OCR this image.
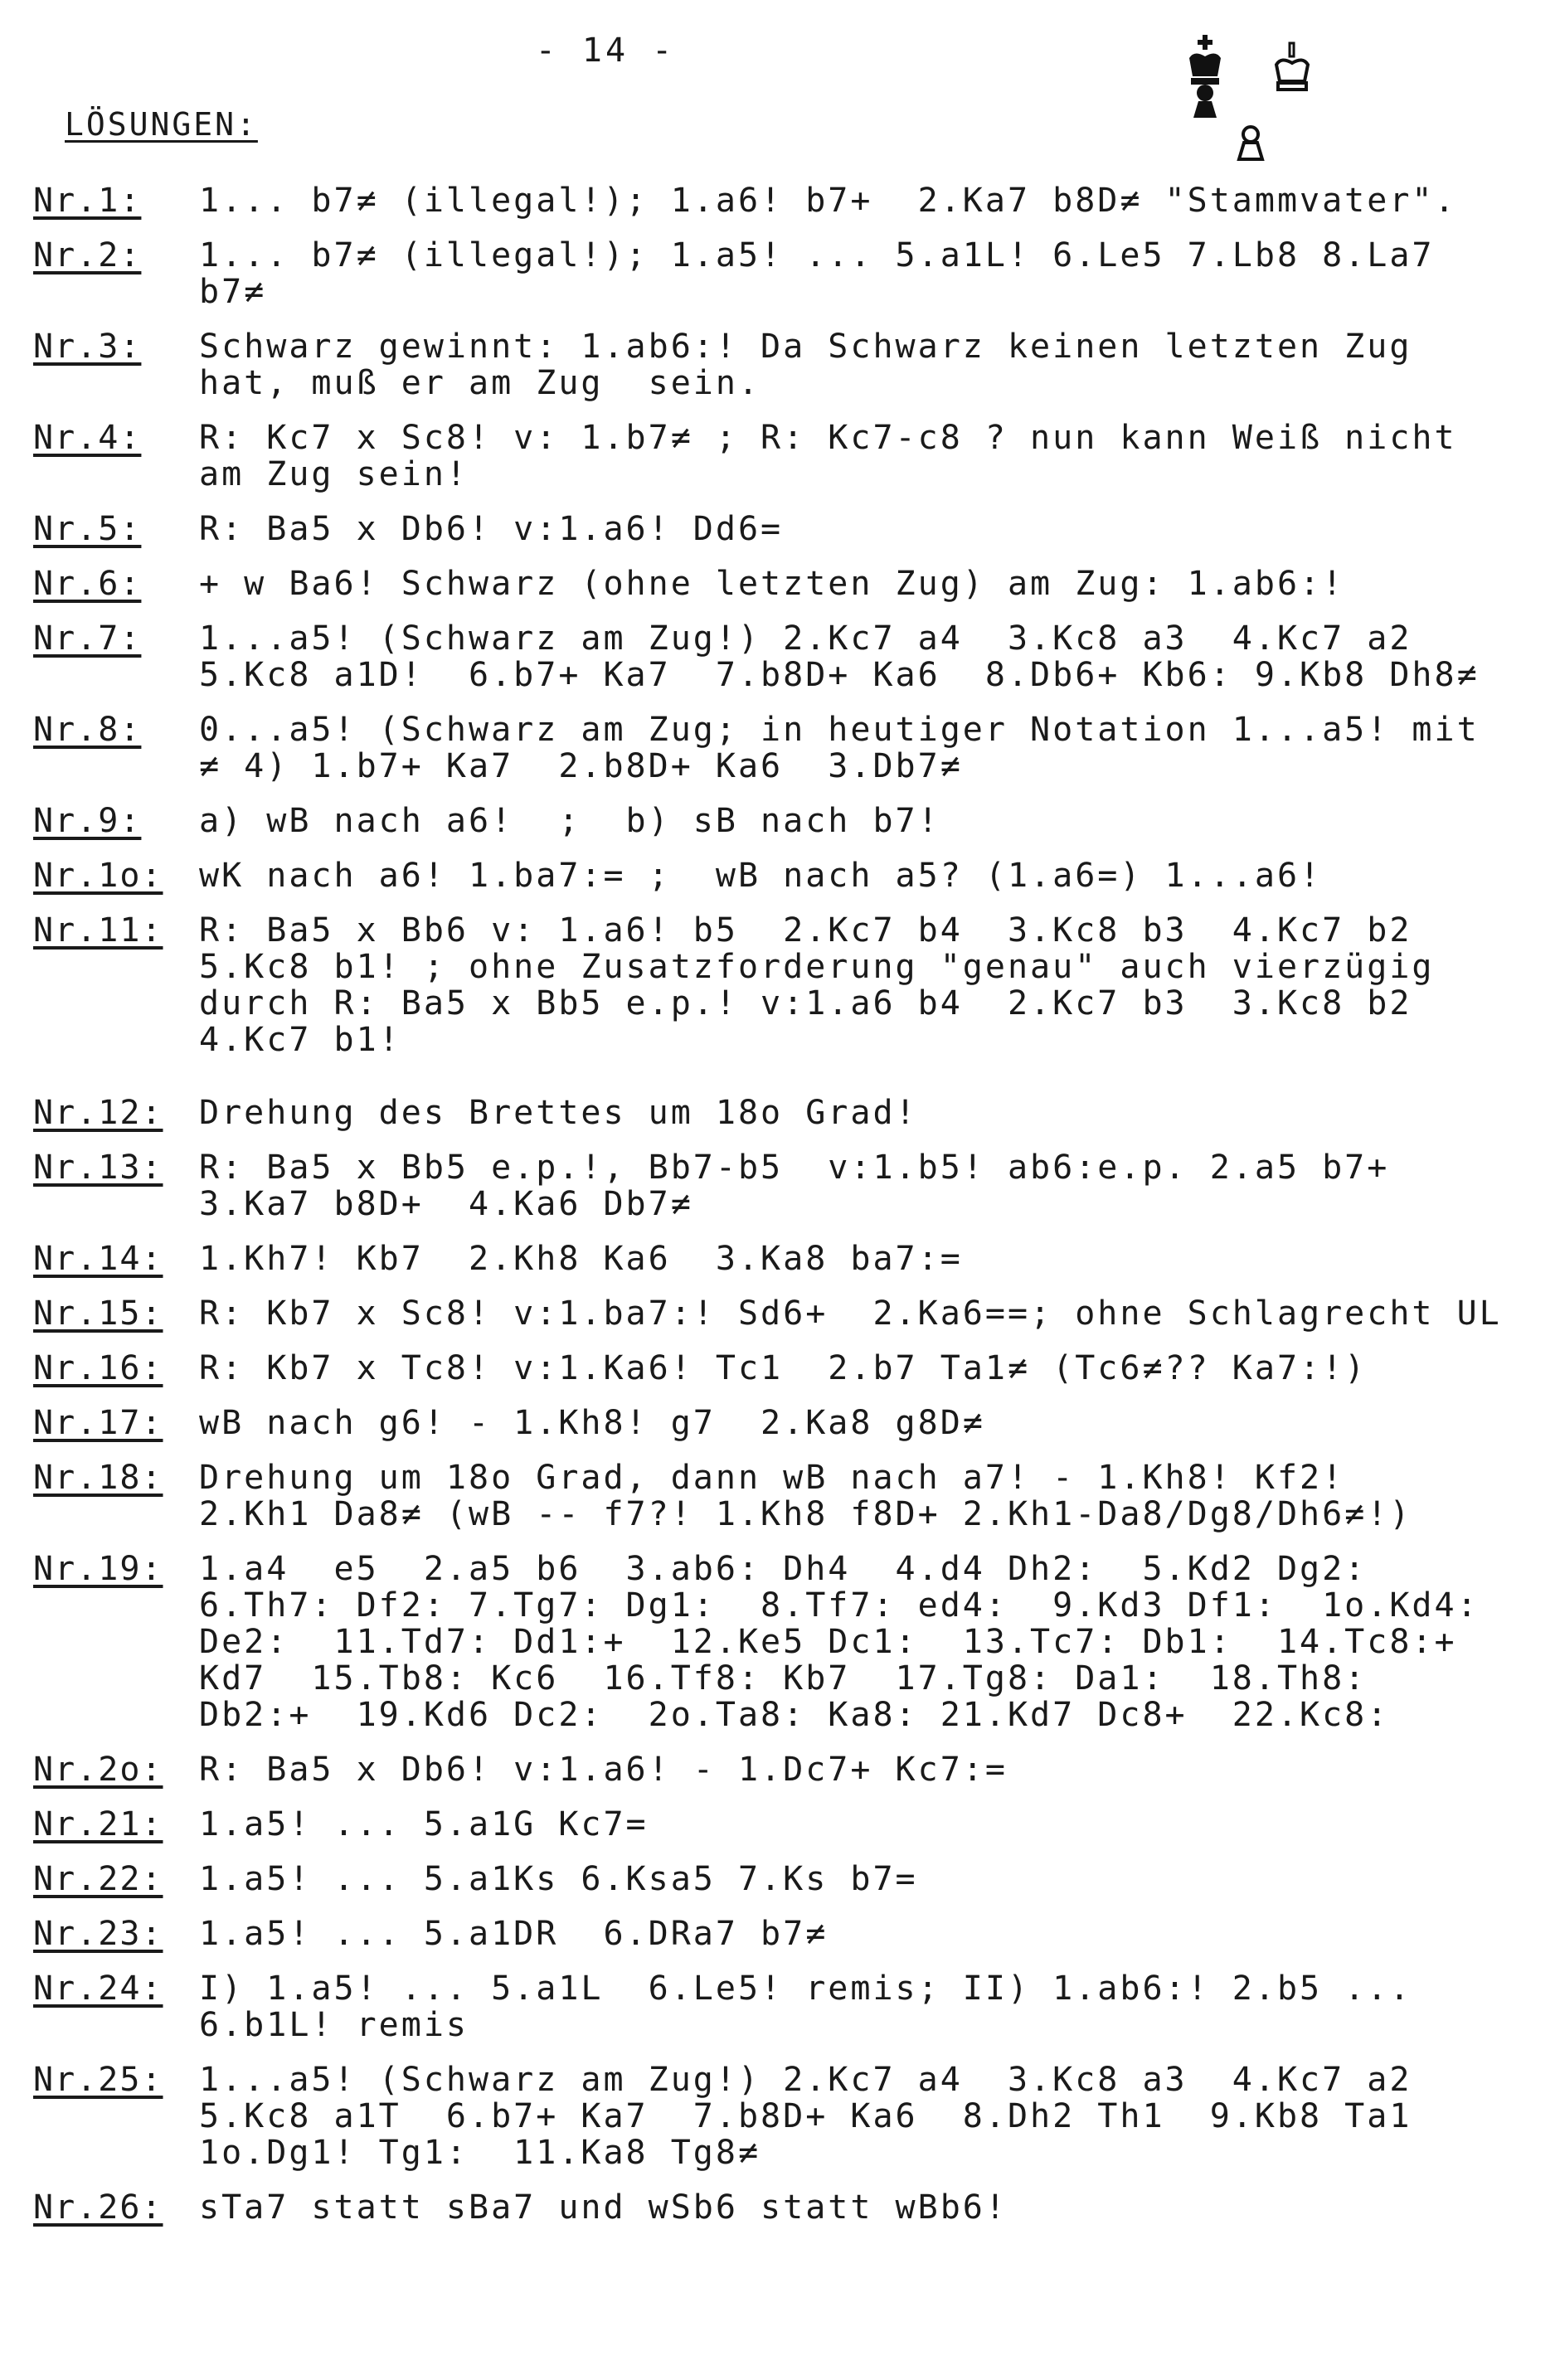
- 14 -
LÖSUNGEN:
Nr.1:	1... b7≠ (illegal!); 1.a6! b7+  2.Ka7 b8D≠ "Stammvater".
Nr.2:	1... b7≠ (illegal!); 1.a5! ... 5.a1L! 6.Le5 7.Lb8 8.La7
b7≠
Nr.3:	Schwarz gewinnt: 1.ab6:! Da Schwarz keinen letzten Zug
hat, muß er am Zug  sein.
Nr.4:	R: Kc7 x Sc8! v: 1.b7≠ ; R: Kc7-c8 ? nun kann Weiß nicht
am Zug sein!
Nr.5:	R: Ba5 x Db6! v:1.a6! Dd6=
Nr.6:	+ w Ba6! Schwarz (ohne letzten Zug) am Zug: 1.ab6:!
Nr.7:	1...a5! (Schwarz am Zug!) 2.Kc7 a4  3.Kc8 a3  4.Kc7 a2
5.Kc8 a1D!  6.b7+ Ka7  7.b8D+ Ka6  8.Db6+ Kb6: 9.Kb8 Dh8≠
Nr.8:	0...a5! (Schwarz am Zug; in heutiger Notation 1...a5! mit
≠ 4) 1.b7+ Ka7  2.b8D+ Ka6  3.Db7≠
Nr.9:	a) wB nach a6!  ;  b) sB nach b7!
Nr.1o:	wK nach a6! 1.ba7:= ;  wB nach a5? (1.a6=) 1...a6!
Nr.11:	R: Ba5 x Bb6 v: 1.a6! b5  2.Kc7 b4  3.Kc8 b3  4.Kc7 b2
5.Kc8 b1! ; ohne Zusatzforderung "genau" auch vierzügig
durch R: Ba5 x Bb5 e.p.! v:1.a6 b4  2.Kc7 b3  3.Kc8 b2
4.Kc7 b1!
Nr.12:	Drehung des Brettes um 18o Grad!
Nr.13:	R: Ba5 x Bb5 e.p.!, Bb7-b5  v:1.b5! ab6:e.p. 2.a5 b7+
3.Ka7 b8D+  4.Ka6 Db7≠
Nr.14:	1.Kh7! Kb7  2.Kh8 Ka6  3.Ka8 ba7:=
Nr.15:	R: Kb7 x Sc8! v:1.ba7:! Sd6+  2.Ka6==; ohne Schlagrecht UL
Nr.16:	R: Kb7 x Tc8! v:1.Ka6! Tc1  2.b7 Ta1≠ (Tc6≠?? Ka7:!)
Nr.17:	wB nach g6! - 1.Kh8! g7  2.Ka8 g8D≠
Nr.18:	Drehung um 18o Grad, dann wB nach a7! - 1.Kh8! Kf2!
2.Kh1 Da8≠ (wB -- f7?! 1.Kh8 f8D+ 2.Kh1-Da8/Dg8/Dh6≠!)
Nr.19:	1.a4  e5  2.a5 b6  3.ab6: Dh4  4.d4 Dh2:  5.Kd2 Dg2:
6.Th7: Df2: 7.Tg7: Dg1:  8.Tf7: ed4:  9.Kd3 Df1:  1o.Kd4:
De2:  11.Td7: Dd1:+  12.Ke5 Dc1:  13.Tc7: Db1:  14.Tc8:+
Kd7  15.Tb8: Kc6  16.Tf8: Kb7  17.Tg8: Da1:  18.Th8:
Db2:+  19.Kd6 Dc2:  2o.Ta8: Ka8: 21.Kd7 Dc8+  22.Kc8:
Nr.2o:	R: Ba5 x Db6! v:1.a6! - 1.Dc7+ Kc7:=
Nr.21:	1.a5! ... 5.a1G Kc7=
Nr.22:	1.a5! ... 5.a1Ks 6.Ksa5 7.Ks b7=
Nr.23:	1.a5! ... 5.a1DR  6.DRa7 b7≠
Nr.24:	I) 1.a5! ... 5.a1L  6.Le5! remis; II) 1.ab6:! 2.b5 ...
6.b1L! remis
Nr.25:	1...a5! (Schwarz am Zug!) 2.Kc7 a4  3.Kc8 a3  4.Kc7 a2
5.Kc8 a1T  6.b7+ Ka7  7.b8D+ Ka6  8.Dh2 Th1  9.Kb8 Ta1
1o.Dg1! Tg1:  11.Ka8 Tg8≠
Nr.26:	sTa7 statt sBa7 und wSb6 statt wBb6!
